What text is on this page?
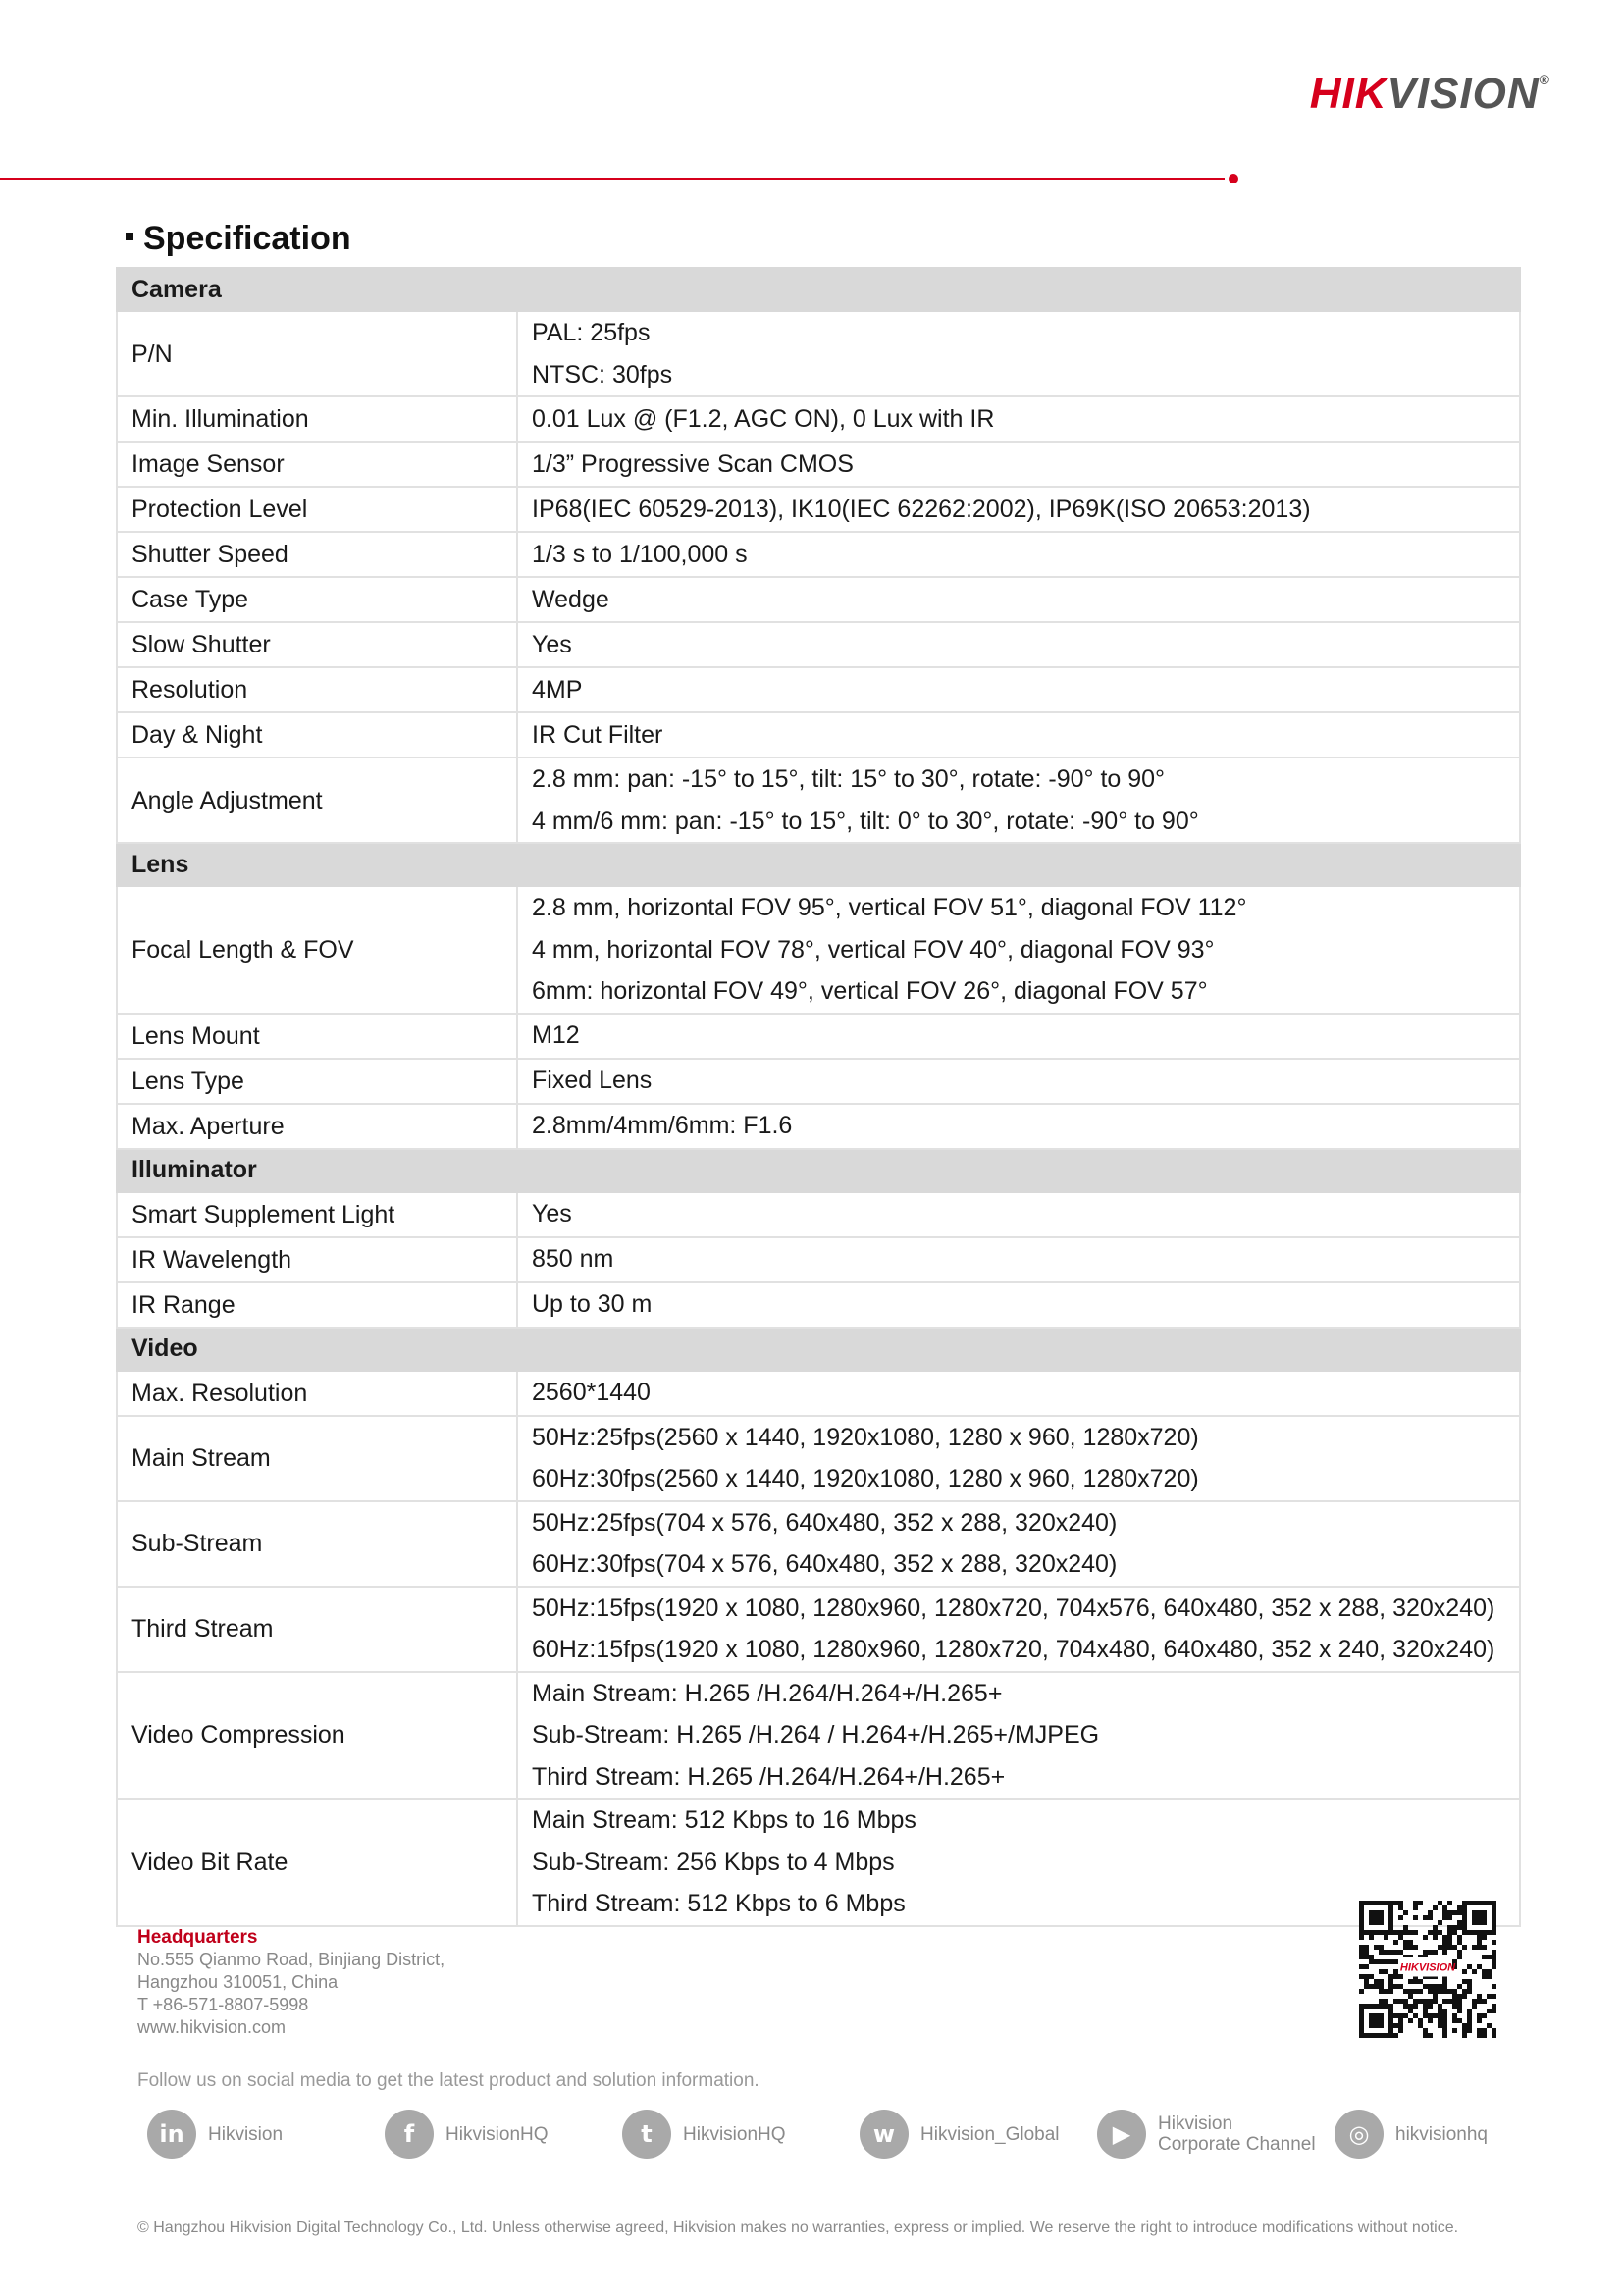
HIKVISION®
Specification
Camera	
P/N	PAL: 25fps
NTSC: 30fps

Min. Illumination	0.01 Lux @ (F1.2, AGC ON), 0 Lux with IR

Image Sensor	1/3” Progressive Scan CMOS

Protection Level	IP68(IEC 60529-2013), IK10(IEC 62262:2002), IP69K(ISO 20653:2013)

Shutter Speed	1/3 s to 1/100,000 s

Case Type	Wedge

Slow Shutter	Yes

Resolution	4MP

Day & Night	IR Cut Filter

Angle Adjustment	2.8 mm: pan: -15° to 15°, tilt: 15° to 30°, rotate: -90° to 90°
4 mm/6 mm: pan: -15° to 15°, tilt: 0° to 30°, rotate: -90° to 90°

Lens	
Focal Length & FOV	2.8 mm, horizontal FOV 95°, vertical FOV 51°, diagonal FOV 112°
4 mm, horizontal FOV 78°, vertical FOV 40°, diagonal FOV 93°
6mm: horizontal FOV 49°, vertical FOV 26°, diagonal FOV 57°

Lens Mount	M12

Lens Type	Fixed Lens

Max. Aperture	2.8mm/4mm/6mm: F1.6

Illuminator	
Smart Supplement Light	Yes

IR Wavelength	850 nm

IR Range	Up to 30 m

Video	
Max. Resolution	2560*1440

Main Stream	50Hz:25fps(2560 x 1440, 1920x1080, 1280 x 960, 1280x720)
60Hz:30fps(2560 x 1440, 1920x1080, 1280 x 960, 1280x720)

Sub-Stream	50Hz:25fps(704 x 576, 640x480, 352 x 288, 320x240)
60Hz:30fps(704 x 576, 640x480, 352 x 288, 320x240)

Third Stream	50Hz:15fps(1920 x 1080, 1280x960, 1280x720, 704x576, 640x480, 352 x 288, 320x240)
60Hz:15fps(1920 x 1080, 1280x960, 1280x720, 704x480, 640x480, 352 x 240, 320x240)

Video Compression	Main Stream: H.265 /H.264/H.264+/H.265+
Sub-Stream: H.265 /H.264 / H.264+/H.265+/MJPEG
Third Stream: H.265 /H.264/H.264+/H.265+

Video Bit Rate	Main Stream: 512 Kbps to 16 Mbps
Sub-Stream: 256 Kbps to 4 Mbps
Third Stream: 512 Kbps to 6 Mbps
Headquarters
No.555 Qianmo Road, Binjiang District,
Hangzhou 310051, China
T +86-571-8807-5998
www.hikvision.com
HIKVISION
Follow us on social media to get the latest product and solution information.
in	Hikvision	f	HikvisionHQ	t	HikvisionHQ	w	Hikvision_Global	▶	Hikvision
Corporate Channel	◎	hikvisionhq
© Hangzhou Hikvision Digital Technology Co., Ltd. Unless otherwise agreed, Hikvision makes no warranties, express or implied. We reserve the right to introduce modifications without notice.
